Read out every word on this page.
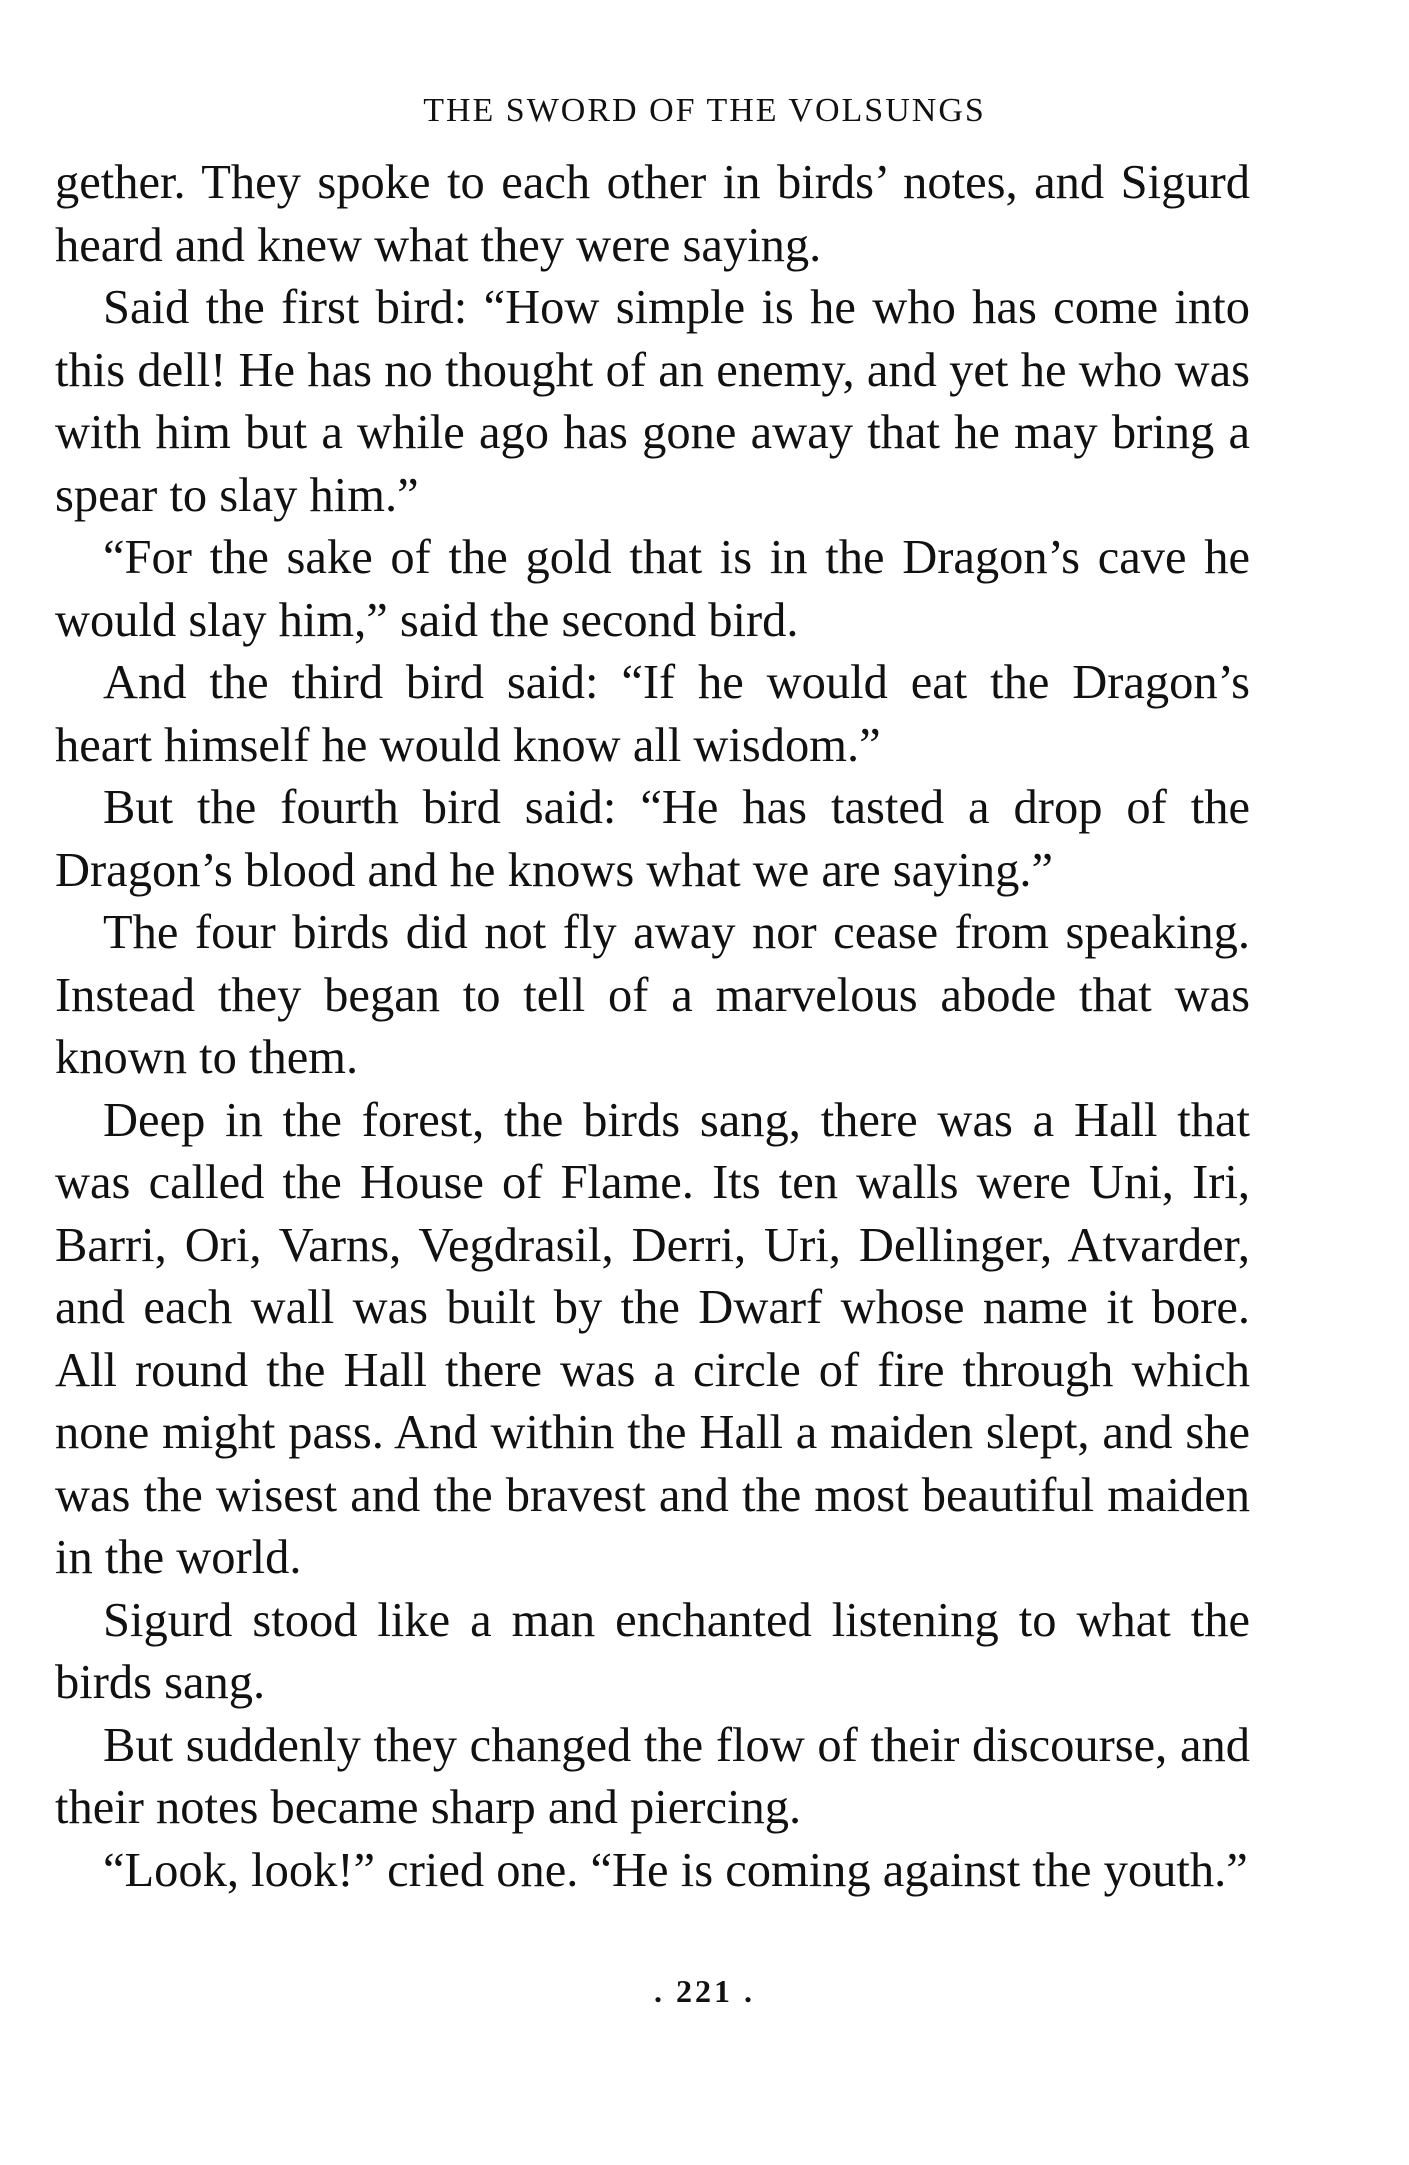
THE SWORD OF THE VOLSUNGS

gether. They spoke to each other in birds’ notes, and Sigurd heard and knew what they were saying.

Said the first bird: “How simple is he who has come into this dell! He has no thought of an enemy, and yet he who was with him but a while ago has gone away that he may bring a spear to slay him.”

“For the sake of the gold that is in the Dragon’s cave he would slay him,” said the second bird.

And the third bird said: “If he would eat the Dragon’s heart himself he would know all wisdom.”

But the fourth bird said: “He has tasted a drop of the Dragon’s blood and he knows what we are saying.”

The four birds did not fly away nor cease from speaking. Instead they began to tell of a marvelous abode that was known to them.

Deep in the forest, the birds sang, there was a Hall that was called the House of Flame. Its ten walls were Uni, Iri, Barri, Ori, Varns, Vegdrasil, Derri, Uri, Dellinger, Atvarder, and each wall was built by the Dwarf whose name it bore. All round the Hall there was a circle of fire through which none might pass. And within the Hall a maiden slept, and she was the wisest and the bravest and the most beautiful maiden in the world.

Sigurd stood like a man enchanted listening to what the birds sang.

But suddenly they changed the flow of their discourse, and their notes became sharp and piercing.

“Look, look!” cried one. “He is coming against the youth.”

. 221 .
